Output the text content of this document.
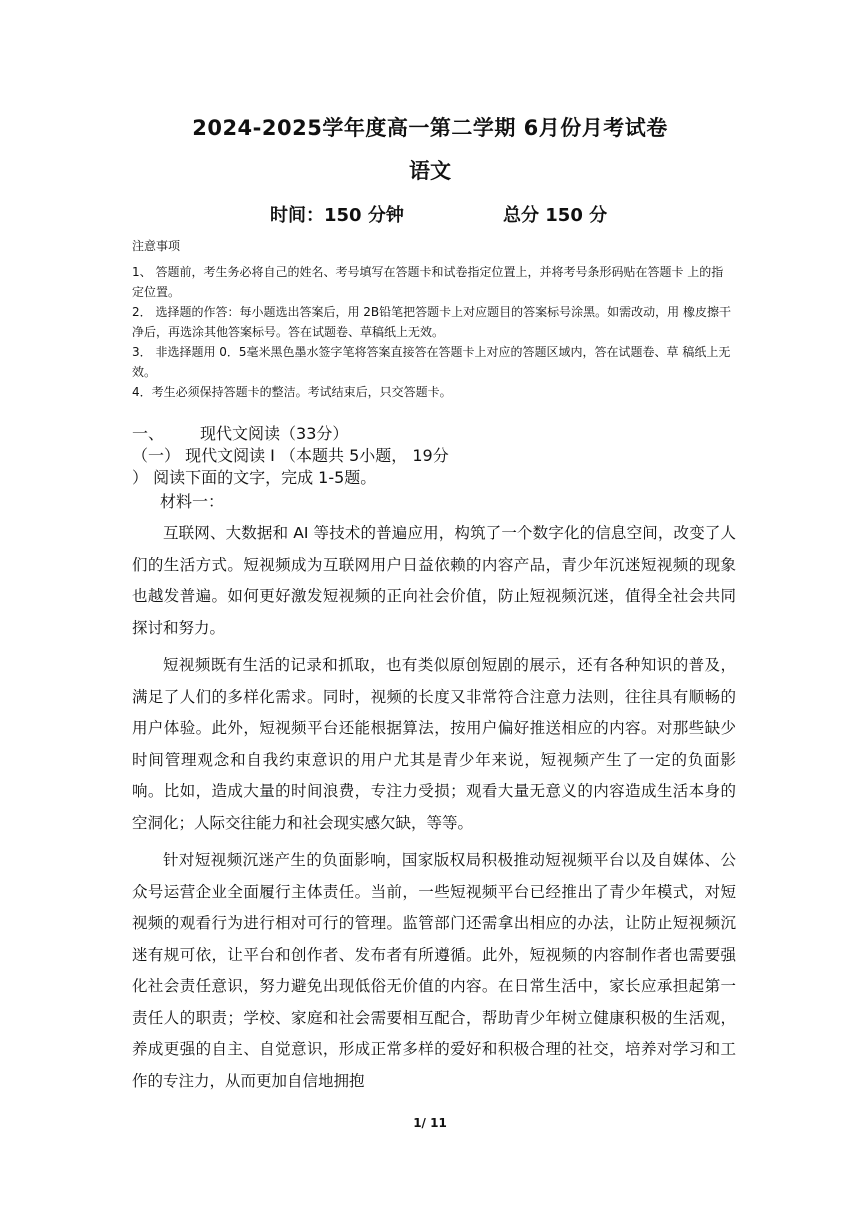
2024-2025学年度高一第二学期 6月份月考试卷
语文
时间：150 分钟	总分 150 分
注意事项

1、 答题前，考生务必将自己的姓名、考号填写在答题卡和试卷指定位置上，并将考号条形码贴在答题卡 上的指定位置。

2． 选择题的作答：每小题选出答案后，用 2B铅笔把答题卡上对应题目的答案标号涂黑。如需改动，用 橡皮擦干净后，再选涂其他答案标号。答在试题卷、草稿纸上无效。

3． 非选择题用 0．5毫米黑色墨水签字笔将答案直接答在答题卡上对应的答题区域内，答在试题卷、草 稿纸上无效。

4．考生必须保持答题卡的整洁。考试结束后，只交答题卡。

一、 现代文阅读（33分）
（一） 现代文阅读 I （本题共 5小题， 19分
） 阅读下面的文字，完成 1-5题。
材料一：

互联网、大数据和 AI 等技术的普遍应用，构筑了一个数字化的信息空间，改变了人们的生活方式。短视频成为互联网用户日益依赖的内容产品，青少年沉迷短视频的现象也越发普遍。如何更好激发短视频的正向社会价值，防止短视频沉迷，值得全社会共同探讨和努力。

短视频既有生活的记录和抓取，也有类似原创短剧的展示，还有各种知识的普及，满足了人们的多样化需求。同时，视频的长度又非常符合注意力法则，往往具有顺畅的用户体验。此外，短视频平台还能根据算法，按用户偏好推送相应的内容。对那些缺少时间管理观念和自我约束意识的用户尤其是青少年来说，短视频产生了一定的负面影响。比如，造成大量的时间浪费，专注力受损；观看大量无意义的内容造成生活本身的空洞化；人际交往能力和社会现实感欠缺，等等。

针对短视频沉迷产生的负面影响，国家版权局积极推动短视频平台以及自媒体、公众号运营企业全面履行主体责任。当前，一些短视频平台已经推出了青少年模式，对短视频的观看行为进行相对可行的管理。监管部门还需拿出相应的办法，让防止短视频沉迷有规可依，让平台和创作者、发布者有所遵循。此外，短视频的内容制作者也需要强化社会责任意识，努力避免出现低俗无价值的内容。在日常生活中，家长应承担起第一责任人的职责；学校、家庭和社会需要相互配合，帮助青少年树立健康积极的生活观，养成更强的自主、自觉意识，形成正常多样的爱好和积极合理的社交，培养对学习和工作的专注力，从而更加自信地拥抱

1/ 11
